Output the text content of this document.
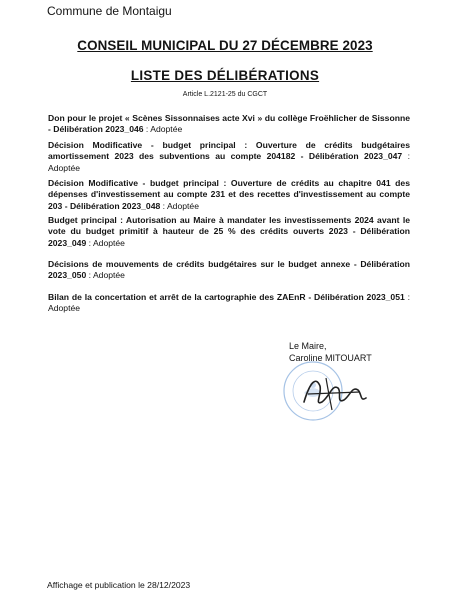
Commune de Montaigu
CONSEIL MUNICIPAL DU 27 DÉCEMBRE 2023
LISTE DES DÉLIBÉRATIONS
Article L.2121-25 du CGCT
Don pour le projet « Scènes Sissonnaises acte Xvi » du collège Froëhlicher de Sissonne - Délibération 2023_046 : Adoptée
Décision Modificative - budget principal : Ouverture de crédits budgétaires amortissement 2023 des subventions au compte 204182 - Délibération 2023_047 : Adoptée
Décision Modificative - budget principal : Ouverture de crédits au chapitre 041 des dépenses d'investissement au compte 231 et des recettes d'investissement au compte 203 - Délibération 2023_048 : Adoptée
Budget principal : Autorisation au Maire à mandater les investissements 2024 avant le vote du budget primitif à hauteur de 25 % des crédits ouverts 2023 - Délibération 2023_049 : Adoptée
Décisions de mouvements de crédits budgétaires sur le budget annexe - Délibération 2023_050 : Adoptée
Bilan de la concertation et arrêt de la cartographie des ZAEnR - Délibération 2023_051 : Adoptée
Le Maire,
Caroline MITOUART
Affichage et publication le 28/12/2023
